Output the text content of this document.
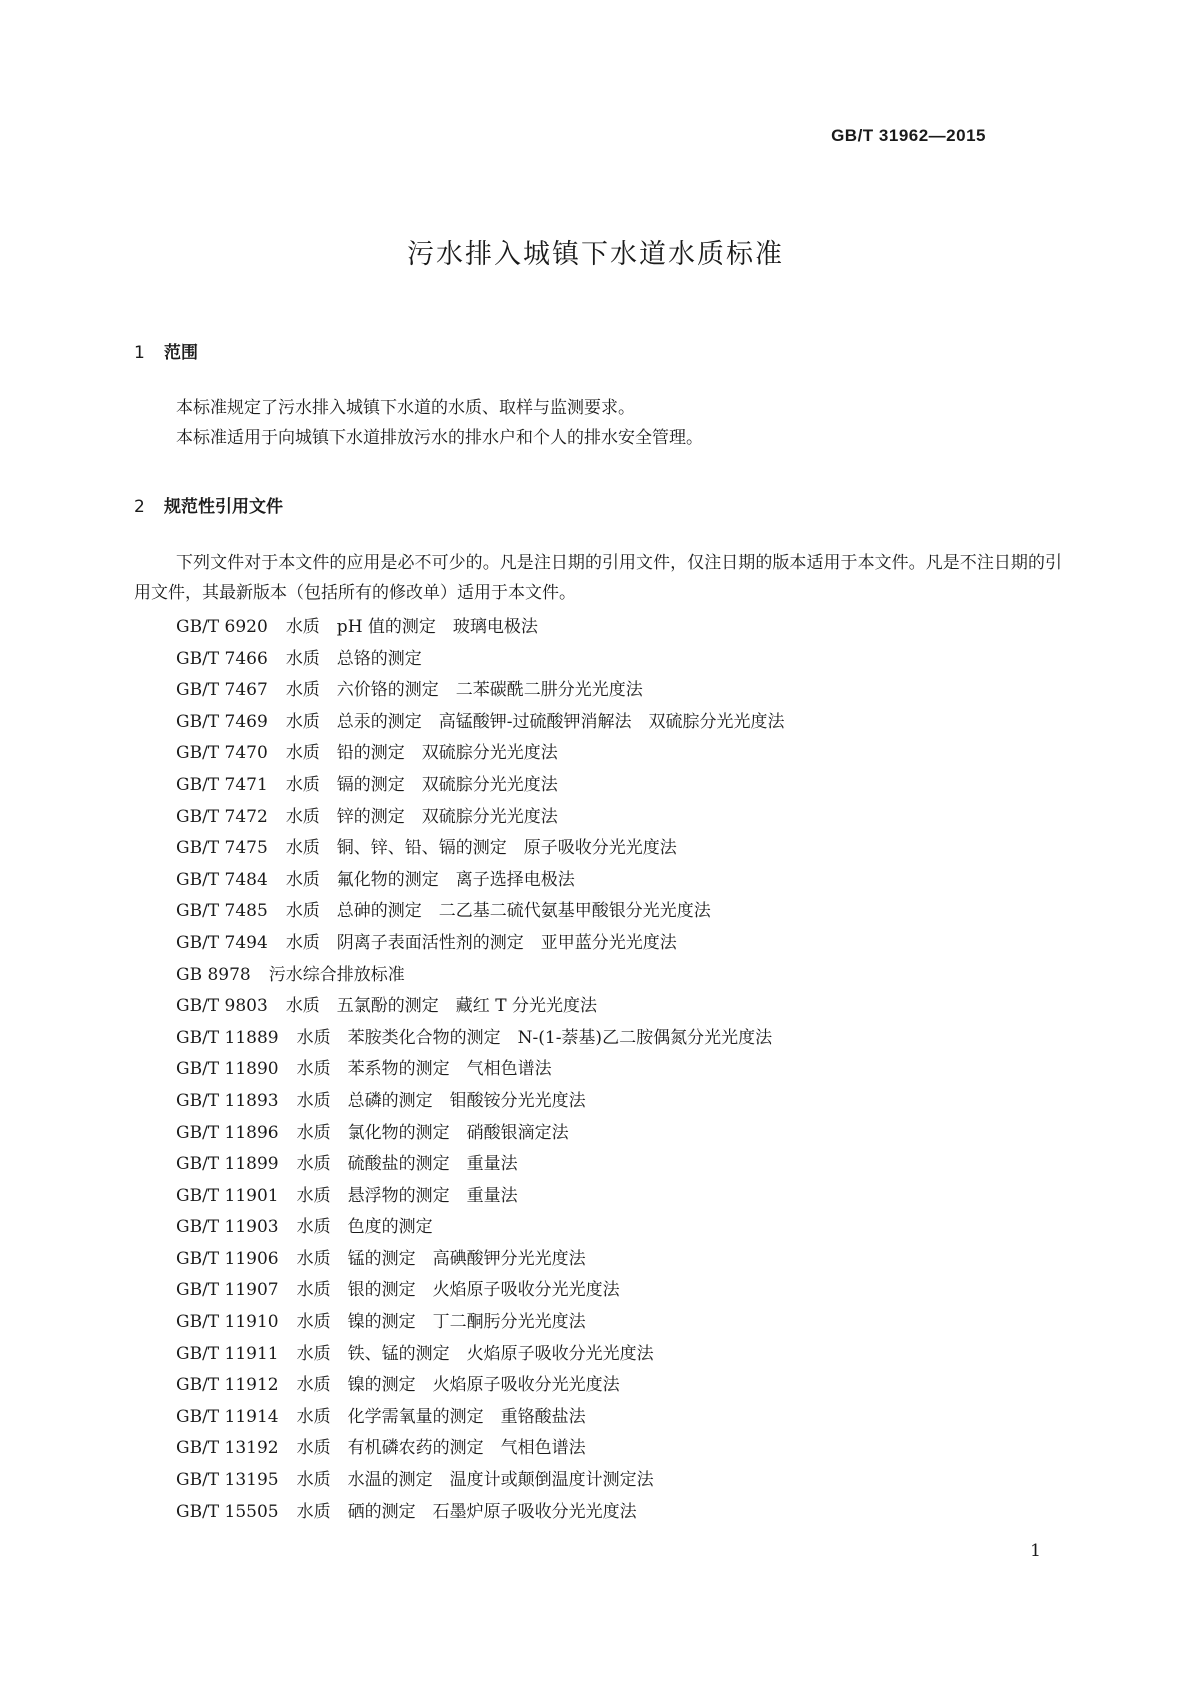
GB/T 31962—2015
污水排入城镇下水道水质标准
1 范围

本标准规定了污水排入城镇下水道的水质、取样与监测要求。

本标准适用于向城镇下水道排放污水的排水户和个人的排水安全管理。

2 规范性引用文件

下列文件对于本文件的应用是必不可少的。凡是注日期的引用文件，仅注日期的版本适用于本文件。凡是不注日期的引用文件，其最新版本（包括所有的修改单）适用于本文件。

GB/T 6920 水质　pH 值的测定　玻璃电极法
GB/T 7466 水质　总铬的测定
GB/T 7467 水质　六价铬的测定　二苯碳酰二肼分光光度法
GB/T 7469 水质　总汞的测定　高锰酸钾-过硫酸钾消解法　双硫腙分光光度法
GB/T 7470 水质　铅的测定　双硫腙分光光度法
GB/T 7471 水质　镉的测定　双硫腙分光光度法
GB/T 7472 水质　锌的测定　双硫腙分光光度法
GB/T 7475 水质　铜、锌、铅、镉的测定　原子吸收分光光度法
GB/T 7484 水质　氟化物的测定　离子选择电极法
GB/T 7485 水质　总砷的测定　二乙基二硫代氨基甲酸银分光光度法
GB/T 7494 水质　阴离子表面活性剂的测定　亚甲蓝分光光度法
GB 8978 污水综合排放标准
GB/T 9803 水质　五氯酚的测定　藏红 T 分光光度法
GB/T 11889 水质　苯胺类化合物的测定　N-(1-萘基)乙二胺偶氮分光光度法
GB/T 11890 水质　苯系物的测定　气相色谱法
GB/T 11893 水质　总磷的测定　钼酸铵分光光度法
GB/T 11896 水质　氯化物的测定　硝酸银滴定法
GB/T 11899 水质　硫酸盐的测定　重量法
GB/T 11901 水质　悬浮物的测定　重量法
GB/T 11903 水质　色度的测定
GB/T 11906 水质　锰的测定　高碘酸钾分光光度法
GB/T 11907 水质　银的测定　火焰原子吸收分光光度法
GB/T 11910 水质　镍的测定　丁二酮肟分光光度法
GB/T 11911 水质　铁、锰的测定　火焰原子吸收分光光度法
GB/T 11912 水质　镍的测定　火焰原子吸收分光光度法
GB/T 11914 水质　化学需氧量的测定　重铬酸盐法
GB/T 13192 水质　有机磷农药的测定　气相色谱法
GB/T 13195 水质　水温的测定　温度计或颠倒温度计测定法
GB/T 15505 水质　硒的测定　石墨炉原子吸收分光光度法
1
